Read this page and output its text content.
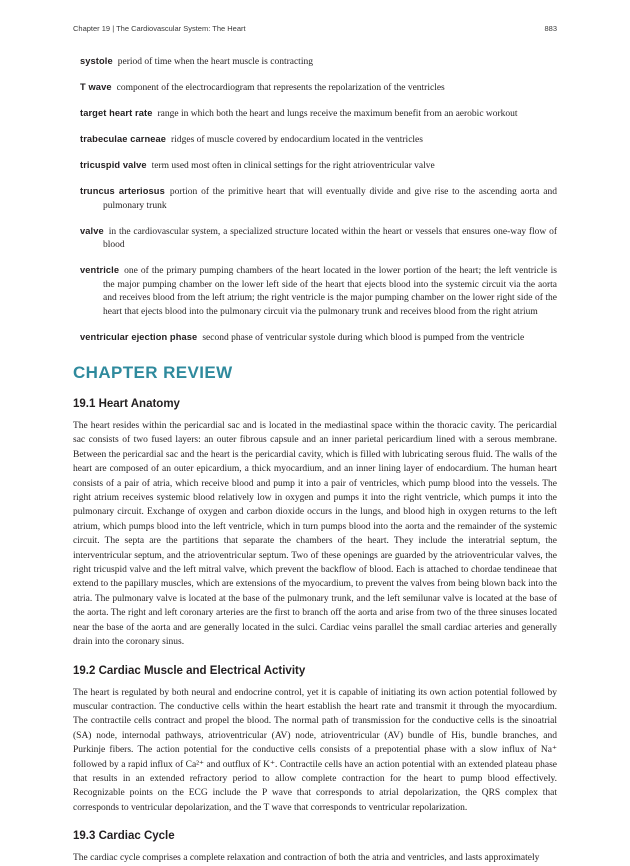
Chapter 19 | The Cardiovascular System: The Heart	883

systole period of time when the heart muscle is contracting

T wave component of the electrocardiogram that represents the repolarization of the ventricles

target heart rate range in which both the heart and lungs receive the maximum benefit from an aerobic workout

trabeculae carneae ridges of muscle covered by endocardium located in the ventricles

tricuspid valve term used most often in clinical settings for the right atrioventricular valve

truncus arteriosus portion of the primitive heart that will eventually divide and give rise to the ascending aorta and pulmonary trunk

valve in the cardiovascular system, a specialized structure located within the heart or vessels that ensures one-way flow of blood

ventricle one of the primary pumping chambers of the heart located in the lower portion of the heart; the left ventricle is the major pumping chamber on the lower left side of the heart that ejects blood into the systemic circuit via the aorta and receives blood from the left atrium; the right ventricle is the major pumping chamber on the lower right side of the heart that ejects blood into the pulmonary circuit via the pulmonary trunk and receives blood from the right atrium

ventricular ejection phase second phase of ventricular systole during which blood is pumped from the ventricle

CHAPTER REVIEW
19.1 Heart Anatomy

The heart resides within the pericardial sac and is located in the mediastinal space within the thoracic cavity. The pericardial sac consists of two fused layers: an outer fibrous capsule and an inner parietal pericardium lined with a serous membrane. Between the pericardial sac and the heart is the pericardial cavity, which is filled with lubricating serous fluid. The walls of the heart are composed of an outer epicardium, a thick myocardium, and an inner lining layer of endocardium. The human heart consists of a pair of atria, which receive blood and pump it into a pair of ventricles, which pump blood into the vessels. The right atrium receives systemic blood relatively low in oxygen and pumps it into the right ventricle, which pumps it into the pulmonary circuit. Exchange of oxygen and carbon dioxide occurs in the lungs, and blood high in oxygen returns to the left atrium, which pumps blood into the left ventricle, which in turn pumps blood into the aorta and the remainder of the systemic circuit. The septa are the partitions that separate the chambers of the heart. They include the interatrial septum, the interventricular septum, and the atrioventricular septum. Two of these openings are guarded by the atrioventricular valves, the right tricuspid valve and the left mitral valve, which prevent the backflow of blood. Each is attached to chordae tendineae that extend to the papillary muscles, which are extensions of the myocardium, to prevent the valves from being blown back into the atria. The pulmonary valve is located at the base of the pulmonary trunk, and the left semilunar valve is located at the base of the aorta. The right and left coronary arteries are the first to branch off the aorta and arise from two of the three sinuses located near the base of the aorta and are generally located in the sulci. Cardiac veins parallel the small cardiac arteries and generally drain into the coronary sinus.

19.2 Cardiac Muscle and Electrical Activity

The heart is regulated by both neural and endocrine control, yet it is capable of initiating its own action potential followed by muscular contraction. The conductive cells within the heart establish the heart rate and transmit it through the myocardium. The contractile cells contract and propel the blood. The normal path of transmission for the conductive cells is the sinoatrial (SA) node, internodal pathways, atrioventricular (AV) node, atrioventricular (AV) bundle of His, bundle branches, and Purkinje fibers. The action potential for the conductive cells consists of a prepotential phase with a slow influx of Na⁺ followed by a rapid influx of Ca²⁺ and outflux of K⁺. Contractile cells have an action potential with an extended plateau phase that results in an extended refractory period to allow complete contraction for the heart to pump blood effectively. Recognizable points on the ECG include the P wave that corresponds to atrial depolarization, the QRS complex that corresponds to ventricular depolarization, and the T wave that corresponds to ventricular repolarization.

19.3 Cardiac Cycle

The cardiac cycle comprises a complete relaxation and contraction of both the atria and ventricles, and lasts approximately
